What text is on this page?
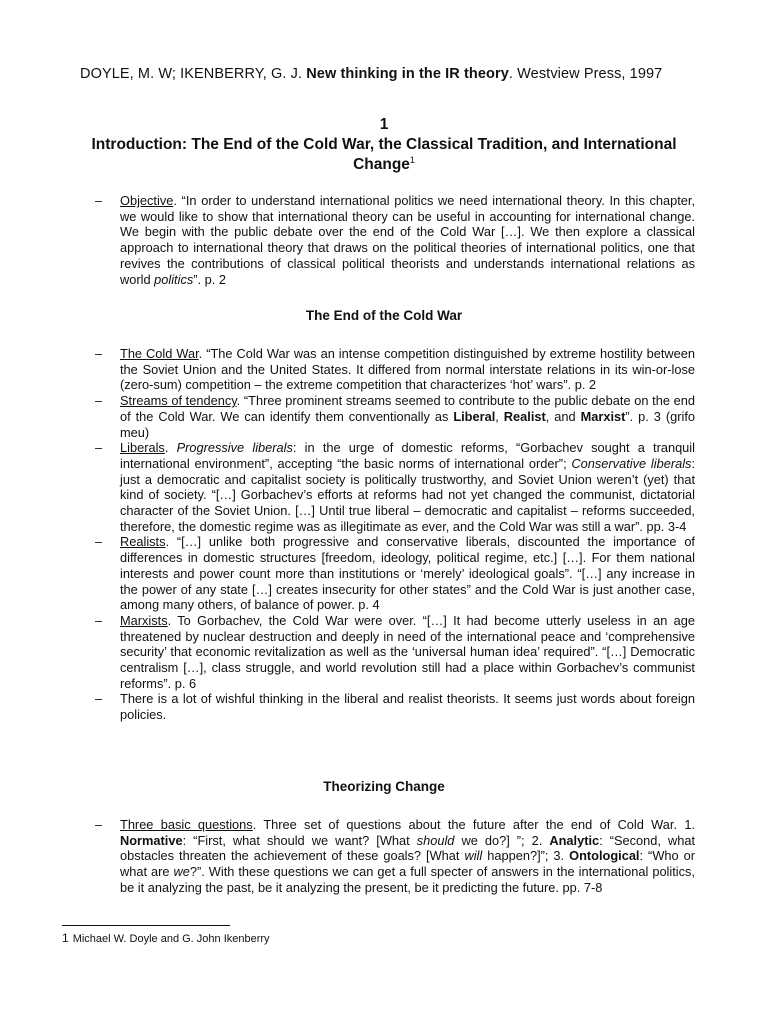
DOYLE, M. W; IKENBERRY, G. J. New thinking in the IR theory. Westview Press, 1997
1
Introduction: The End of the Cold War, the Classical Tradition, and International Change$^1$
– Objective. “In order to understand international politics we need international theory. In this chapter, we would like to show that international theory can be useful in accounting for international change. We begin with the public debate over the end of the Cold War […]. We then explore a classical approach to international theory that draws on the political theories of international politics, one that revives the contributions of classical political theorists and understands international relations as world politics”. p. 2
The End of the Cold War
– The Cold War. “The Cold War was an intense competition distinguished by extreme hostility between the Soviet Union and the United States. It differed from normal interstate relations in its win-or-lose (zero-sum) competition – the extreme competition that characterizes ‘hot’ wars”. p. 2
– Streams of tendency. “Three prominent streams seemed to contribute to the public debate on the end of the Cold War. We can identify them conventionally as Liberal, Realist, and Marxist”. p. 3 (grifo meu)
– Liberals. Progressive liberals: in the urge of domestic reforms, “Gorbachev sought a tranquil international environment”, accepting “the basic norms of international order”; Conservative liberals: just a democratic and capitalist society is politically trustworthy, and Soviet Union weren’t (yet) that kind of society. “[…] Gorbachev’s efforts at reforms had not yet changed the communist, dictatorial character of the Soviet Union. […] Until true liberal – democratic and capitalist – reforms succeeded, therefore, the domestic regime was as illegitimate as ever, and the Cold War was still a war”. pp. 3-4
– Realists. “[…] unlike both progressive and conservative liberals, discounted the importance of differences in domestic structures [freedom, ideology, political regime, etc.] […]. For them national interests and power count more than institutions or ‘merely’ ideological goals”. “[…] any increase in the power of any state […] creates insecurity for other states” and the Cold War is just another case, among many others, of balance of power. p. 4
– Marxists. To Gorbachev, the Cold War were over. “[…] It had become utterly useless in an age threatened by nuclear destruction and deeply in need of the international peace and ‘comprehensive security’ that economic revitalization as well as the ‘universal human idea’ required”. “[…] Democratic centralism […], class struggle, and world revolution still had a place within Gorbachev’s communist reforms”. p. 6
– There is a lot of wishful thinking in the liberal and realist theorists. It seems just words about foreign policies.
Theorizing Change
– Three basic questions. Three set of questions about the future after the end of Cold War. 1. Normative: “First, what should we want? [What should we do?] ”; 2. Analytic: “Second, what obstacles threaten the achievement of these goals? [What will happen?]”; 3. Ontological: “Who or what are we?”. With these questions we can get a full specter of answers in the international politics, be it analyzing the past, be it analyzing the present, be it predicting the future. pp. 7-8
1 Michael W. Doyle and G. John Ikenberry
